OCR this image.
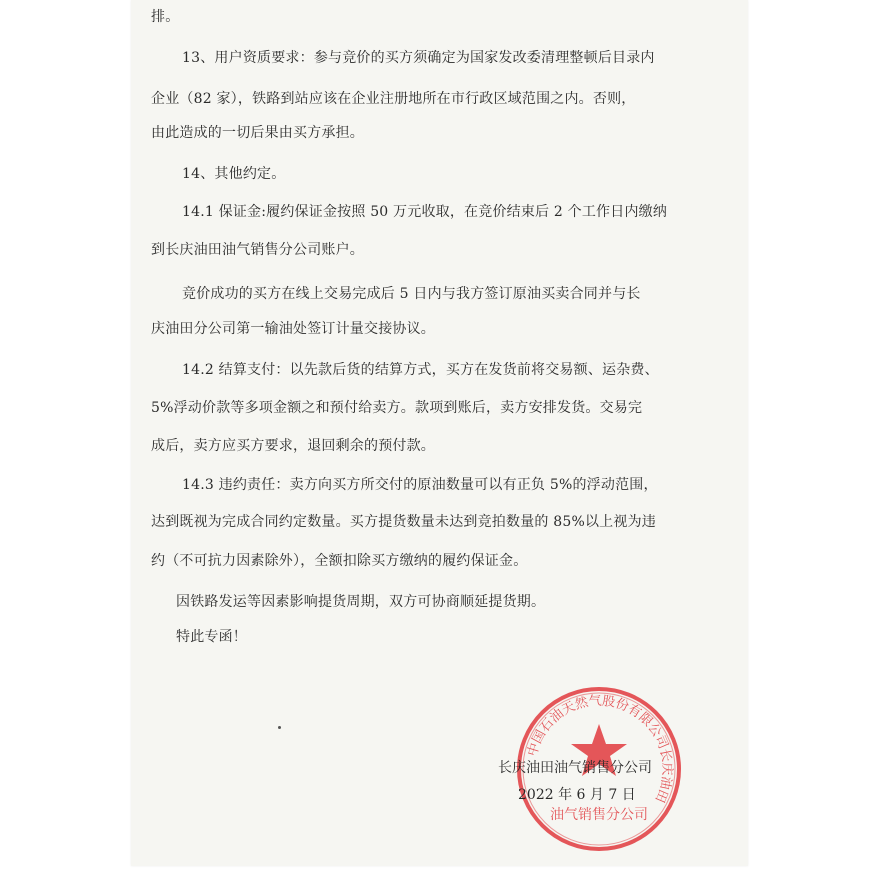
排。
13、用户资质要求：参与竞价的买方须确定为国家发改委清理整顿后目录内
企业（82 家），铁路到站应该在企业注册地所在市行政区域范围之内。否则，
由此造成的一切后果由买方承担。
14、其他约定。
14.1 保证金:履约保证金按照 50 万元收取，在竞价结束后 2 个工作日内缴纳
到长庆油田油气销售分公司账户。
竞价成功的买方在线上交易完成后 5 日内与我方签订原油买卖合同并与长
庆油田分公司第一输油处签订计量交接协议。
14.2 结算支付：以先款后货的结算方式，买方在发货前将交易额、运杂费、
5%浮动价款等多项金额之和预付给卖方。款项到账后，卖方安排发货。交易完
成后，卖方应买方要求，退回剩余的预付款。
14.3 违约责任：卖方向买方所交付的原油数量可以有正负 5%的浮动范围，
达到既视为完成合同约定数量。买方提货数量未达到竞拍数量的 85%以上视为违
约（不可抗力因素除外），全额扣除买方缴纳的履约保证金。
因铁路发运等因素影响提货周期，双方可协商顺延提货期。
特此专函！
中国石油天然气股份有限公司长庆油田
油气销售分公司
长庆油田油气销售分公司
2022 年 6 月 7 日
